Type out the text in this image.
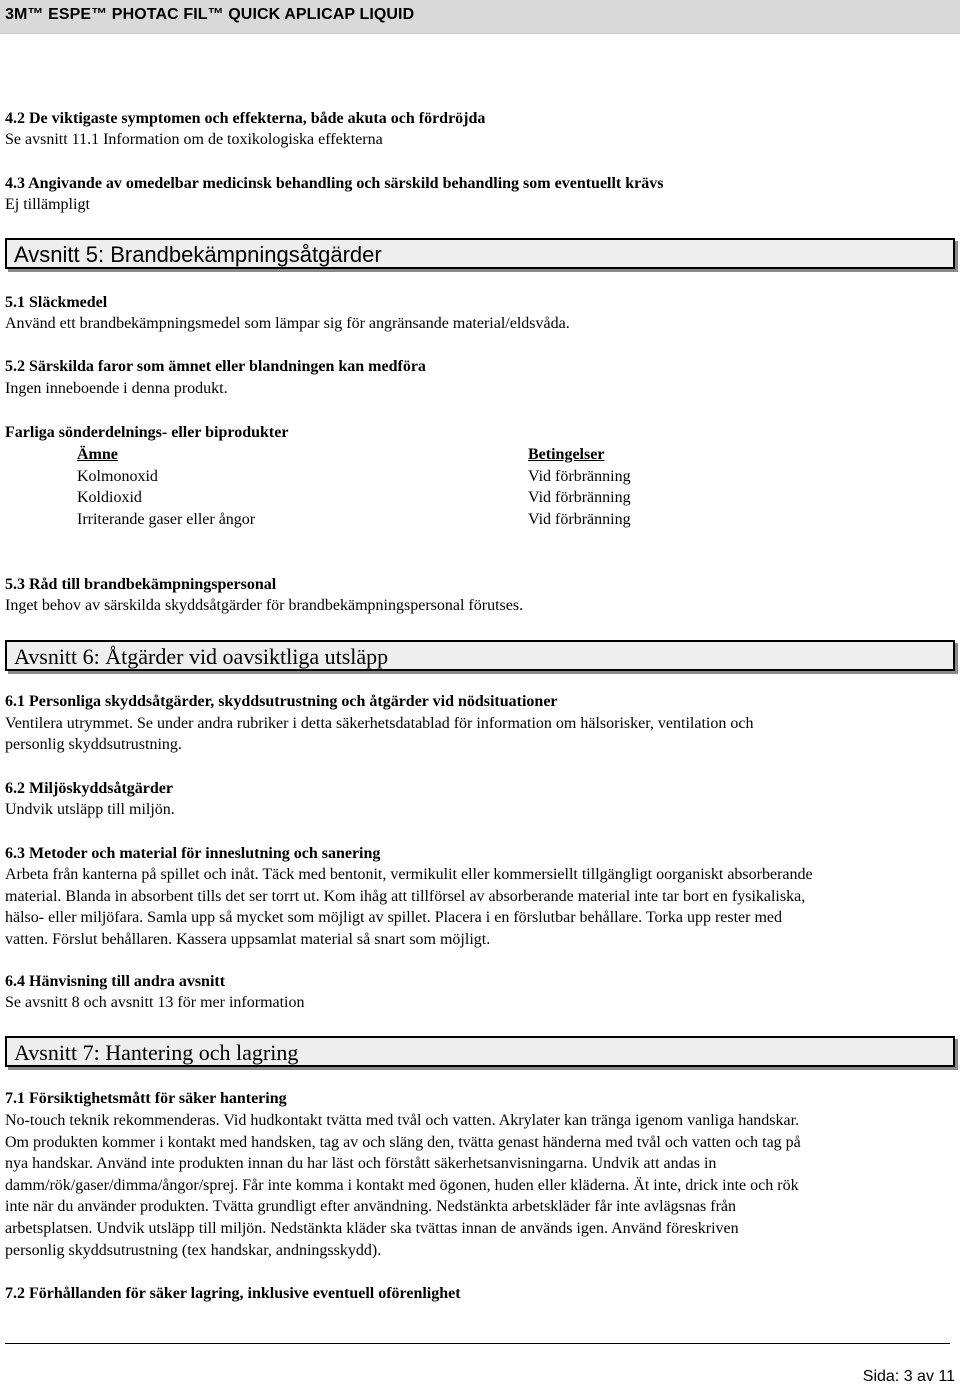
3M™ ESPE™ PHOTAC FIL™ QUICK APLICAP LIQUID
4.2 De viktigaste symptomen och effekterna, både akuta och fördröjda
Se avsnitt 11.1 Information om de toxikologiska effekterna
4.3 Angivande av omedelbar medicinsk behandling och särskild behandling som eventuellt krävs
Ej tillämpligt
Avsnitt 5: Brandbekämpningsåtgärder
5.1 Släckmedel
Använd ett brandbekämpningsmedel som lämpar sig för angränsande material/eldsvåda.
5.2 Särskilda faror som ämnet eller blandningen kan medföra
Ingen inneboende i denna produkt.
Farliga sönderdelnings- eller biprodukter
Ämne
Kolmonoxid
Koldioxid
Irriterande gaser eller ångor
Betingelser
Vid förbränning
Vid förbränning
Vid förbränning
5.3 Råd till brandbekämpningspersonal
Inget behov av särskilda skyddsåtgärder för brandbekämpningspersonal förutses.
Avsnitt 6: Åtgärder vid oavsiktliga utsläpp
6.1 Personliga skyddsåtgärder, skyddsutrustning och åtgärder vid nödsituationer
Ventilera utrymmet. Se under andra rubriker i detta säkerhetsdatablad för information om hälsorisker, ventilation och
personlig skyddsutrustning.
6.2 Miljöskyddsåtgärder
Undvik utsläpp till miljön.
6.3 Metoder och material för inneslutning och sanering
Arbeta från kanterna på spillet och inåt. Täck med bentonit, vermikulit eller kommersiellt tillgängligt oorganiskt absorberande
material. Blanda in absorbent tills det ser torrt ut. Kom ihåg att tillförsel av absorberande material inte tar bort en fysikaliska,
hälso- eller miljöfara. Samla upp så mycket som möjligt av spillet. Placera i en förslutbar behållare. Torka upp rester med
vatten. Förslut behållaren. Kassera uppsamlat material så snart som möjligt.
6.4 Hänvisning till andra avsnitt
Se avsnitt 8 och avsnitt 13 för mer information
Avsnitt 7: Hantering och lagring
7.1 Försiktighetsmått för säker hantering
No-touch teknik rekommenderas. Vid hudkontakt tvätta med tvål och vatten. Akrylater kan tränga igenom vanliga handskar.
Om produkten kommer i kontakt med handsken, tag av och släng den, tvätta genast händerna med tvål och vatten och tag på
nya handskar. Använd inte produkten innan du har läst och förstått säkerhetsanvisningarna. Undvik att andas in
damm/rök/gaser/dimma/ångor/sprej. Får inte komma i kontakt med ögonen, huden eller kläderna. Ät inte, drick inte och rök
inte när du använder produkten. Tvätta grundligt efter användning. Nedstänkta arbetskläder får inte avlägsnas från
arbetsplatsen. Undvik utsläpp till miljön. Nedstänkta kläder ska tvättas innan de används igen. Använd föreskriven
personlig skyddsutrustning (tex handskar, andningsskydd).
7.2 Förhållanden för säker lagring, inklusive eventuell oförenlighet
Sida: 3 av 11
